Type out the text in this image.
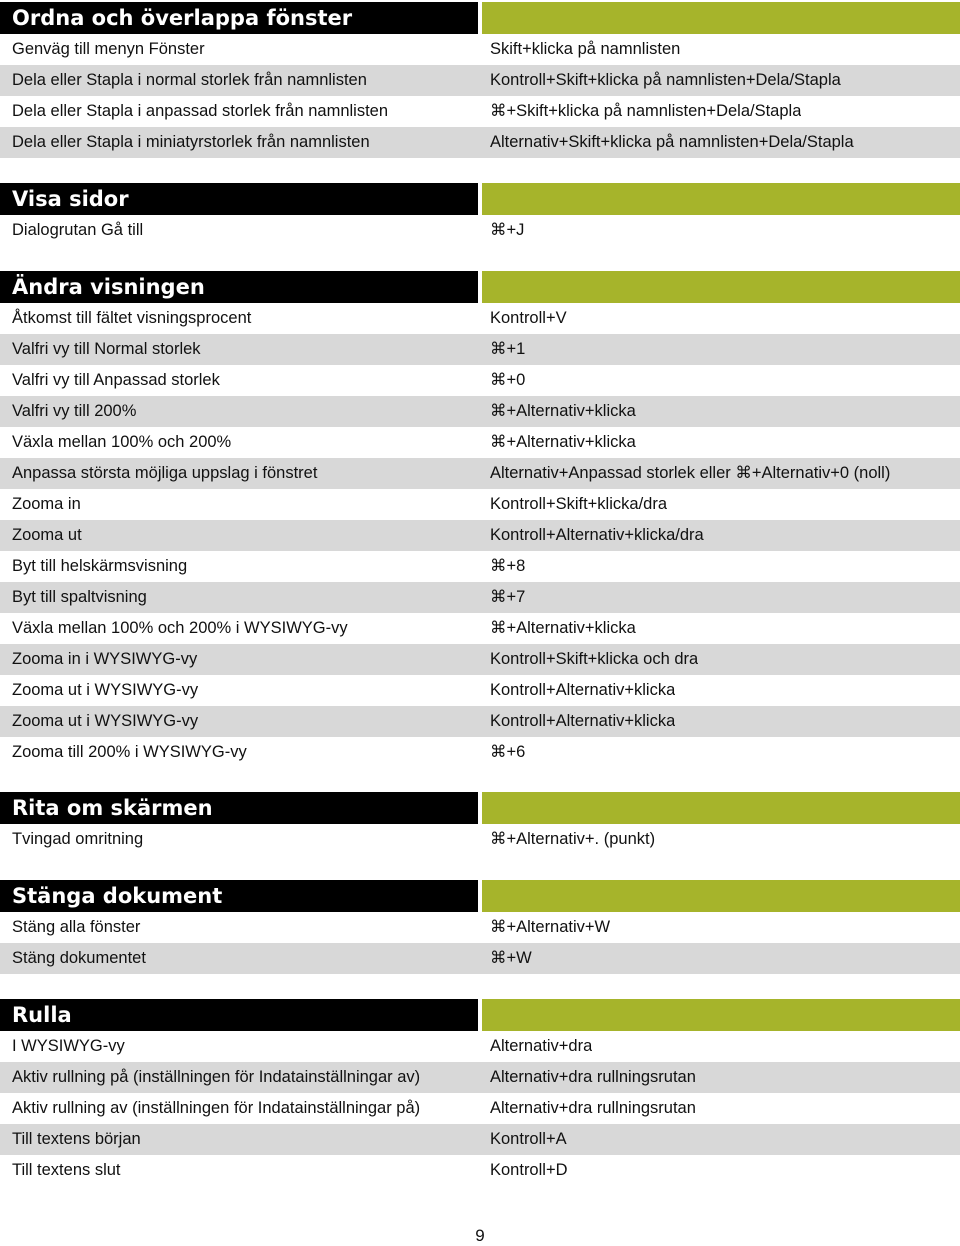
Ordna och överlappa fönster
Genväg till menyn Fönster	Skift+klicka på namnlisten
Dela eller Stapla i normal storlek från namnlisten	Kontroll+Skift+klicka på namnlisten+Dela/Stapla
Dela eller Stapla i anpassad storlek från namnlisten	⌘+Skift+klicka på namnlisten+Dela/Stapla
Dela eller Stapla i miniatyrstorlek från namnlisten	Alternativ+Skift+klicka på namnlisten+Dela/Stapla
Visa sidor
Dialogrutan Gå till	⌘+J
Ändra visningen
Åtkomst till fältet visningsprocent	Kontroll+V
Valfri vy till Normal storlek	⌘+1
Valfri vy till Anpassad storlek	⌘+0
Valfri vy till 200%	⌘+Alternativ+klicka
Växla mellan 100% och 200%	⌘+Alternativ+klicka
Anpassa största möjliga uppslag i fönstret	Alternativ+Anpassad storlek eller ⌘+Alternativ+0 (noll)
Zooma in	Kontroll+Skift+klicka/dra
Zooma ut	Kontroll+Alternativ+klicka/dra
Byt till helskärmsvisning	⌘+8
Byt till spaltvisning	⌘+7
Växla mellan 100% och 200% i WYSIWYG-vy	⌘+Alternativ+klicka
Zooma in i WYSIWYG-vy	Kontroll+Skift+klicka och dra
Zooma ut i WYSIWYG-vy	Kontroll+Alternativ+klicka
Zooma ut i WYSIWYG-vy	Kontroll+Alternativ+klicka
Zooma till 200% i WYSIWYG-vy	⌘+6
Rita om skärmen
Tvingad omritning	⌘+Alternativ+. (punkt)
Stänga dokument
Stäng alla fönster	⌘+Alternativ+W
Stäng dokumentet	⌘+W
Rulla
I WYSIWYG-vy	Alternativ+dra
Aktiv rullning på (inställningen för Indatainställningar av)	Alternativ+dra rullningsrutan
Aktiv rullning av (inställningen för Indatainställningar på)	Alternativ+dra rullningsrutan
Till textens början	Kontroll+A
Till textens slut	Kontroll+D
9
